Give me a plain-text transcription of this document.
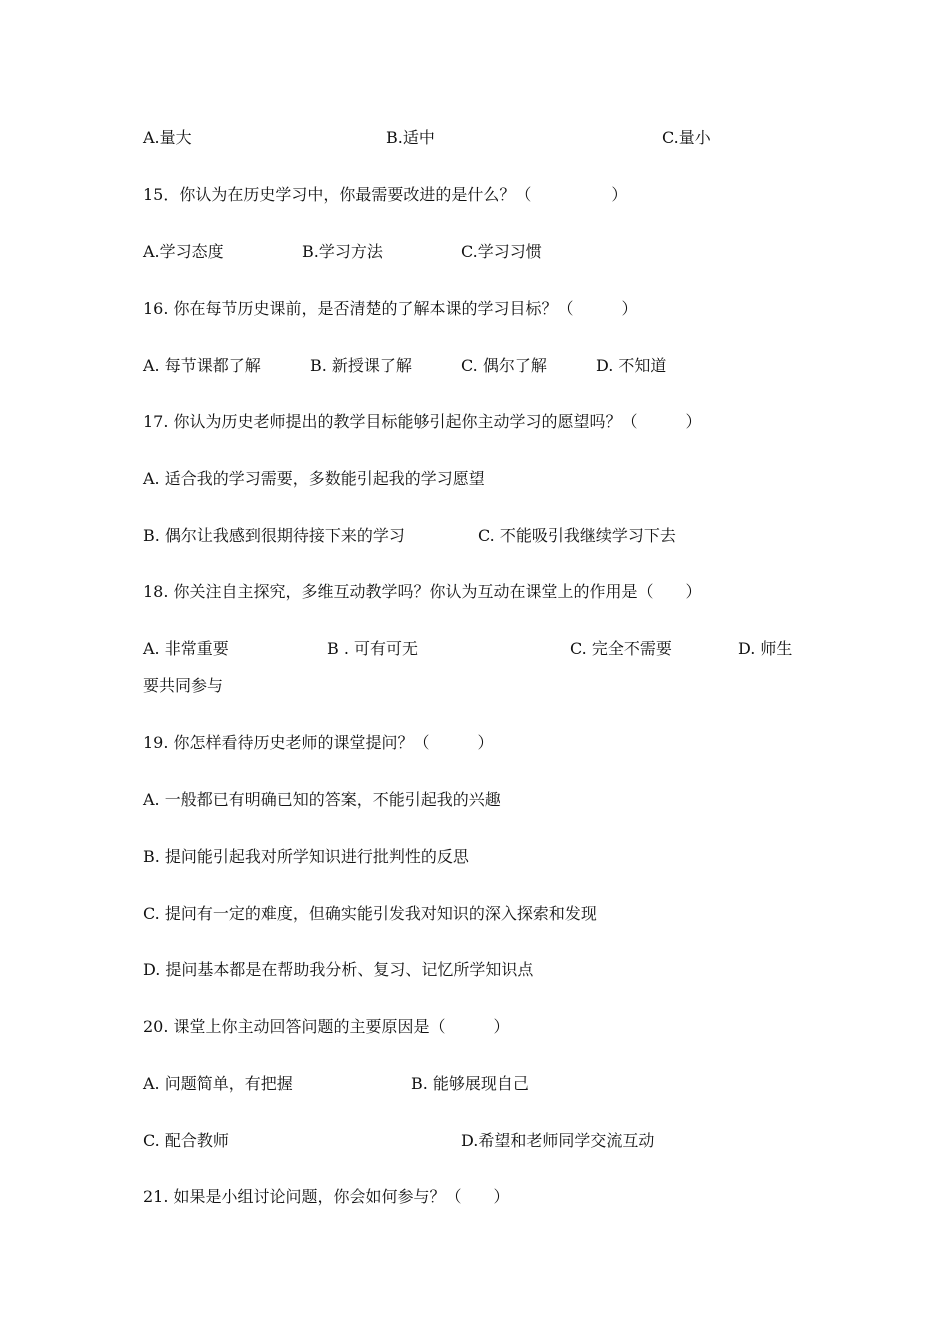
A.量大	B.适中	C.量小
15．你认为在历史学习中，你最需要改进的是什么？（　　　　　）
A.学习态度	B.学习方法	C.学习习惯
16. 你在每节历史课前，是否清楚的了解本课的学习目标？（　　　）
A. 每节课都了解	B. 新授课了解	C. 偶尔了解	D. 不知道
17. 你认为历史老师提出的教学目标能够引起你主动学习的愿望吗？（　　　）
A. 适合我的学习需要，多数能引起我的学习愿望
B. 偶尔让我感到很期待接下来的学习	C. 不能吸引我继续学习下去
18. 你关注自主探究，多维互动教学吗？你认为互动在课堂上的作用是（　　）
A. 非常重要	B . 可有可无	C. 完全不需要	D. 师生
要共同参与
19. 你怎样看待历史老师的课堂提问？（　　　）
A. 一般都已有明确已知的答案，不能引起我的兴趣
B. 提问能引起我对所学知识进行批判性的反思
C. 提问有一定的难度，但确实能引发我对知识的深入探索和发现
D. 提问基本都是在帮助我分析、复习、记忆所学知识点
20. 课堂上你主动回答问题的主要原因是（　　　）
A. 问题简单，有把握	B. 能够展现自己
C. 配合教师	D.希望和老师同学交流互动
21. 如果是小组讨论问题，你会如何参与？（　　）
